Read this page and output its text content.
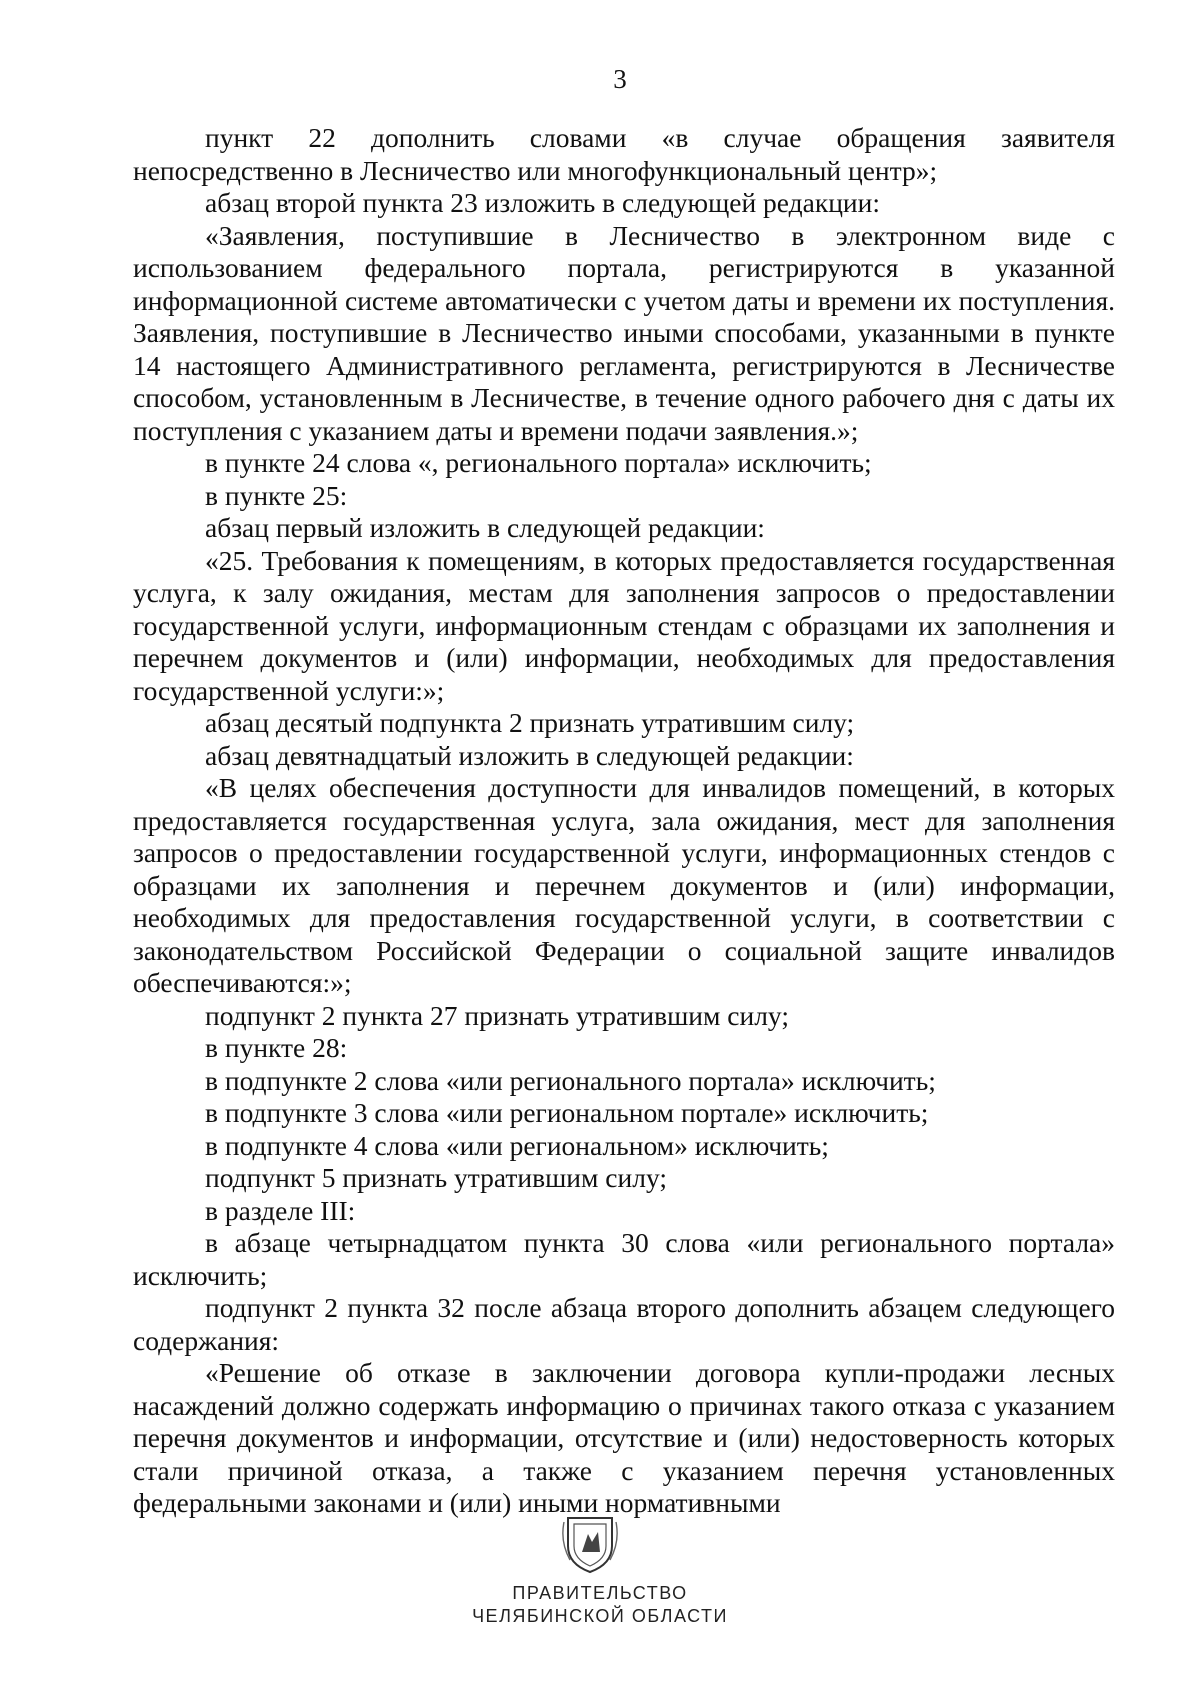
3

пункт 22 дополнить словами «в случае обращения заявителя непосредственно в Лесничество или многофункциональный центр»;

абзац второй пункта 23 изложить в следующей редакции:

«Заявления, поступившие в Лесничество в электронном виде с использованием федерального портала, регистрируются в указанной информационной системе автоматически с учетом даты и времени их поступления. Заявления, поступившие в Лесничество иными способами, указанными в пункте 14 настоящего Административного регламента, регистрируются в Лесничестве способом, установленным в Лесничестве, в течение одного рабочего дня с даты их поступления с указанием даты и времени подачи заявления.»;

в пункте 24 слова «, регионального портала» исключить;

в пункте 25:

абзац первый изложить в следующей редакции:

«25. Требования к помещениям, в которых предоставляется государственная услуга, к залу ожидания, местам для заполнения запросов о предоставлении государственной услуги, информационным стендам с образцами их заполнения и перечнем документов и (или) информации, необходимых для предоставления государственной услуги:»;

абзац десятый подпункта 2 признать утратившим силу;

абзац девятнадцатый изложить в следующей редакции:

«В целях обеспечения доступности для инвалидов помещений, в которых предоставляется государственная услуга, зала ожидания, мест для заполнения запросов о предоставлении государственной услуги, информационных стендов с образцами их заполнения и перечнем документов и (или) информации, необходимых для предоставления государственной услуги, в соответствии с законодательством Российской Федерации о социальной защите инвалидов обеспечиваются:»;

подпункт 2 пункта 27 признать утратившим силу;

в пункте 28:

в подпункте 2 слова «или регионального портала» исключить;

в подпункте 3 слова «или региональном портале» исключить;

в подпункте 4 слова «или региональном» исключить;

подпункт 5 признать утратившим силу;

в разделе III:

в абзаце четырнадцатом пункта 30 слова «или регионального портала» исключить;

подпункт 2 пункта 32 после абзаца второго дополнить абзацем следующего содержания:

«Решение об отказе в заключении договора купли-продажи лесных насаждений должно содержать информацию о причинах такого отказа с указанием перечня документов и информации, отсутствие и (или) недостоверность которых стали причиной отказа, а также с указанием перечня установленных федеральными законами и (или) иными нормативными

ПРАВИТЕЛЬСТВО
ЧЕЛЯБИНСКОЙ ОБЛАСТИ
